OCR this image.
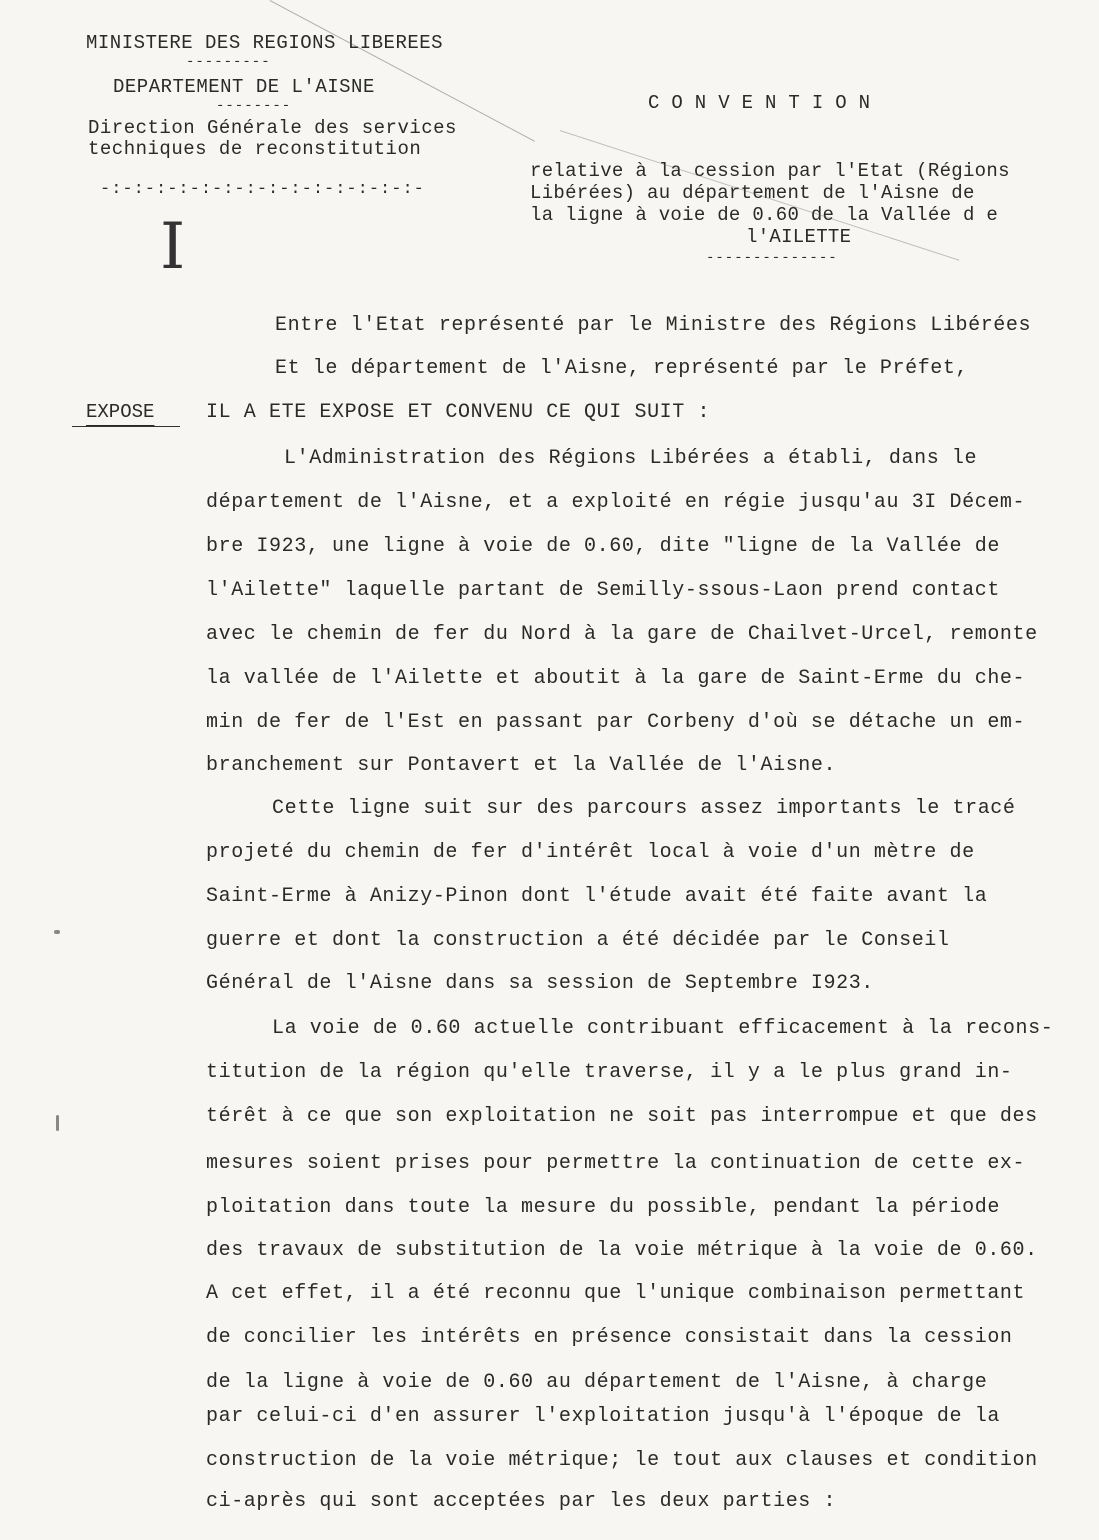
MINISTERE DES REGIONS LIBEREES
---------
DEPARTEMENT DE L'AISNE
--------
Direction Générale des services
techniques de reconstitution
-:-:-:-:-:-:-:-:-:-:-:-:-:-:-
I
CONVENTION
relative à la cession par l'Etat (Régions
Libérées) au département de l'Aisne de
la ligne à voie de 0.60 de la Vallée d e
l'AILETTE
--------------
Entre l'Etat représenté par le Ministre des Régions Libérées
Et le département de l'Aisne, représenté par le Préfet,
EXPOSE	IL A ETE EXPOSE ET CONVENU CE QUI SUIT :
L'Administration des Régions Libérées a établi, dans le
département de l'Aisne, et a exploité en régie jusqu'au 3I Décem-
bre I923, une ligne à voie de 0.60, dite "ligne de la Vallée de
l'Ailette" laquelle partant de Semilly-ssous-Laon prend contact
avec le chemin de fer du Nord à la gare de Chailvet-Urcel, remonte
la vallée de l'Ailette et aboutit à la gare de Saint-Erme du che-
min de fer de l'Est en passant par Corbeny d'où se détache un em-
branchement sur Pontavert et la Vallée de l'Aisne.
Cette ligne suit sur des parcours assez importants le tracé
projeté du chemin de fer d'intérêt local à voie d'un mètre de
Saint-Erme à Anizy-Pinon dont l'étude avait été faite avant la
guerre et dont la construction a été décidée par le Conseil
Général de l'Aisne dans sa session de Septembre I923.
La voie de 0.60 actuelle contribuant efficacement à la recons-
titution de la région qu'elle traverse, il y a le plus grand in-
térêt à ce que son exploitation ne soit pas interrompue et que des
mesures soient prises pour permettre la continuation de cette ex-
ploitation dans toute la mesure du possible, pendant la période
des travaux de substitution de la voie métrique à la voie de 0.60.
A cet effet, il a été reconnu que l'unique combinaison permettant
de concilier les intérêts en présence consistait dans la cession
de la ligne à voie de 0.60 au département de l'Aisne, à charge
par celui-ci d'en assurer l'exploitation jusqu'à l'époque de la
construction de la voie métrique; le tout aux clauses et condition
ci-après qui sont acceptées par les deux parties :
